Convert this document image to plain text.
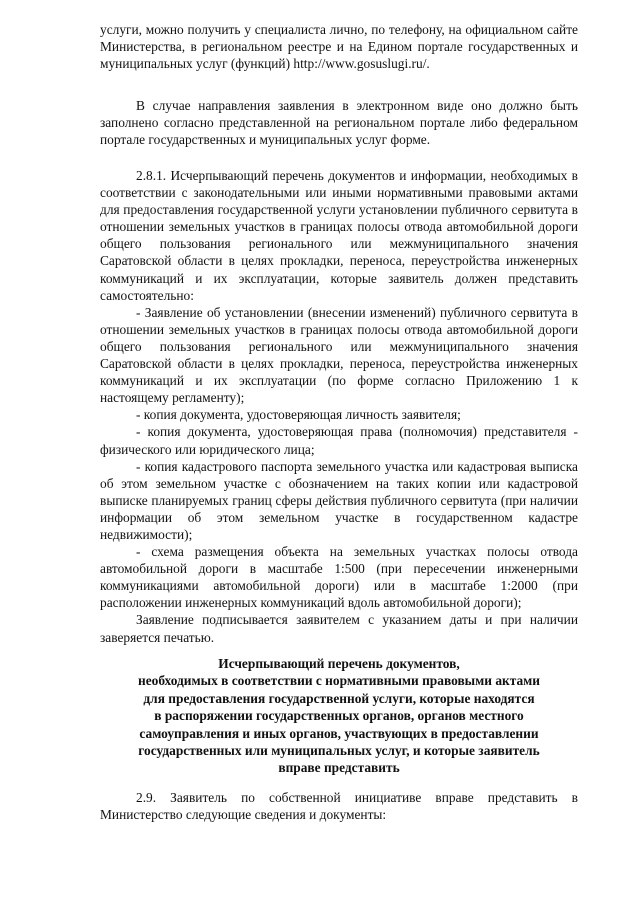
услуги, можно получить у специалиста лично, по телефону, на официальном сайте Министерства, в региональном реестре и на Едином портале государственных и муниципальных услуг (функций) http://www.gosuslugi.ru/.

В случае направления заявления в электронном виде оно должно быть заполнено согласно представленной на региональном портале либо федеральном портале государственных и муниципальных услуг форме.

2.8.1. Исчерпывающий перечень документов и информации, необходимых в соответствии с законодательными или иными нормативными правовыми актами для предоставления государственной услуги установлении публичного сервитута в отношении земельных участков в границах полосы отвода автомобильной дороги общего пользования регионального или межмуниципального значения Саратовской области в целях прокладки, переноса, переустройства инженерных коммуникаций и их эксплуатации, которые заявитель должен представить самостоятельно:

- Заявление об установлении (внесении изменений) публичного сервитута в отношении земельных участков в границах полосы отвода автомобильной дороги общего пользования регионального или межмуниципального значения Саратовской области в целях прокладки, переноса, переустройства инженерных коммуникаций и их эксплуатации (по форме согласно Приложению 1 к настоящему регламенту);

- копия документа, удостоверяющая личность заявителя;

- копия документа, удостоверяющая права (полномочия) представителя - физического или юридического лица;

- копия кадастрового паспорта земельного участка или кадастровая выписка об этом земельном участке с обозначением на таких копии или кадастровой выписке планируемых границ сферы действия публичного сервитута (при наличии информации об этом земельном участке в государственном кадастре недвижимости);

- схема размещения объекта на земельных участках полосы отвода автомобильной дороги в масштабе 1:500 (при пересечении инженерными коммуникациями автомобильной дороги) или в масштабе 1:2000 (при расположении инженерных коммуникаций вдоль автомобильной дороги);

Заявление подписывается заявителем с указанием даты и при наличии заверяется печатью.

Исчерпывающий перечень документов,
необходимых в соответствии с нормативными правовыми актами
для предоставления государственной услуги, которые находятся
в распоряжении государственных органов, органов местного
самоуправления и иных органов, участвующих в предоставлении
государственных или муниципальных услуг, и которые заявитель
вправе представить

2.9. Заявитель по собственной инициативе вправе представить в Министерство следующие сведения и документы:
